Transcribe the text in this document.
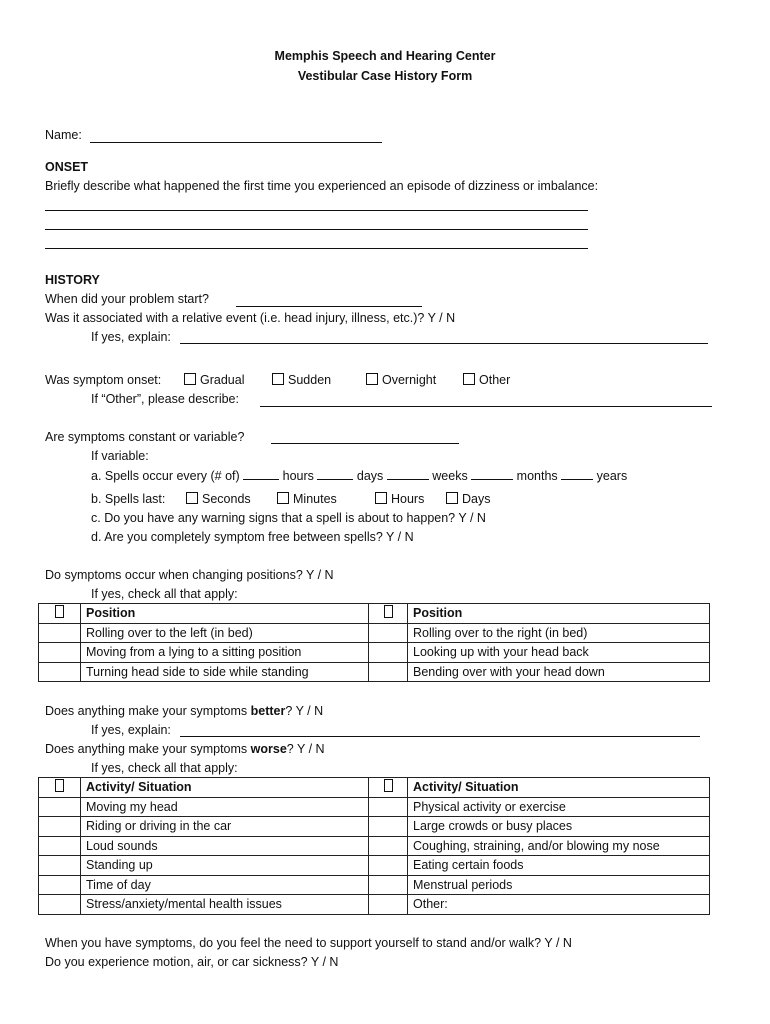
Memphis Speech and Hearing Center
Vestibular Case History Form
Name:
ONSET
Briefly describe what happened the first time you experienced an episode of dizziness or imbalance:
HISTORY
When did your problem start?
Was it associated with a relative event (i.e. head injury, illness, etc.)? Y / N
If yes, explain:
Was symptom onset:	Gradual	Sudden	Overnight	Other
If “Other”, please describe:
Are symptoms constant or variable?
If variable:
a. Spells occur every (# of)	hours	days	weeks	months	years
b. Spells last:	Seconds	Minutes	Hours	Days
c. Do you have any warning signs that a spell is about to happen? Y / N
d. Are you completely symptom free between spells? Y / N
Do symptoms occur when changing positions? Y / N
If yes, check all that apply:
	Position		Position
	Rolling over to the left (in bed)		Rolling over to the right (in bed)
	Moving from a lying to a sitting position		Looking up with your head back
	Turning head side to side while standing		Bending over with your head down
Does anything make your symptoms better? Y / N
If yes, explain:
Does anything make your symptoms worse? Y / N
If yes, check all that apply:
	Activity/ Situation		Activity/ Situation
	Moving my head		Physical activity or exercise
	Riding or driving in the car		Large crowds or busy places
	Loud sounds		Coughing, straining, and/or blowing my nose
	Standing up		Eating certain foods
	Time of day		Menstrual periods
	Stress/anxiety/mental health issues		Other:
When you have symptoms, do you feel the need to support yourself to stand and/or walk? Y / N
Do you experience motion, air, or car sickness? Y / N
